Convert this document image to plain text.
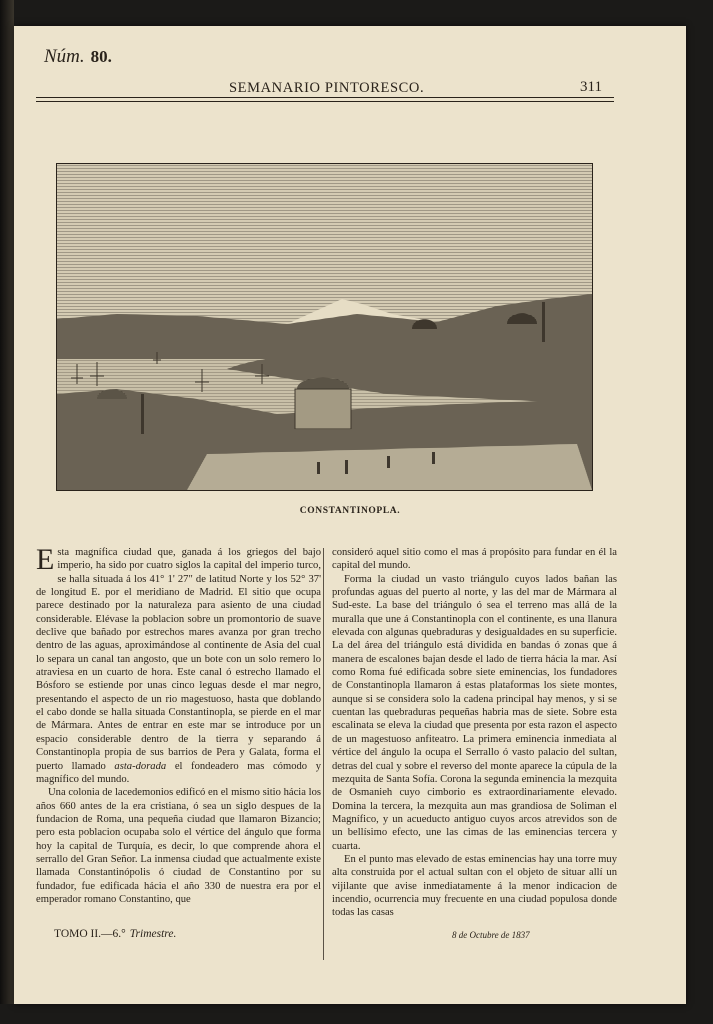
Núm. 80.
SEMANARIO PINTORESCO.	311
CONSTANTINOPLA.

Esta magnífica ciudad que, ganada á los griegos del bajo imperio, ha sido por cuatro siglos la capital del imperio turco, se halla situada á los 41° 1' 27" de latitud Norte y los 52° 37' de longitud E. por el meridiano de Madrid. El sitio que ocupa parece destinado por la naturaleza para asiento de una ciudad considerable. Elévase la poblacion sobre un promontorio de suave declive que bañado por estrechos mares avanza por gran trecho dentro de las aguas, aproximándose al continente de Asia del cual lo separa un canal tan angosto, que un bote con un solo remero lo atraviesa en un cuarto de hora. Este canal ó estrecho llamado el Bósforo se estiende por unas cinco leguas desde el mar negro, presentando el aspecto de un rio magestuoso, hasta que doblando el cabo donde se halla situada Constantinopla, se pierde en el mar de Mármara. Antes de entrar en este mar se introduce por un espacio considerable dentro de la tierra y separando á Constantinopla propia de sus barrios de Pera y Galata, forma el puerto llamado asta-dorada el fondeadero mas cómodo y magnífico del mundo.

Una colonia de lacedemonios edificó en el mismo sitio hácia los años 660 antes de la era cristiana, ó sea un siglo despues de la fundacion de Roma, una pequeña ciudad que llamaron Bizancio; pero esta poblacion ocupaba solo el vértice del ángulo que forma hoy la capital de Turquía, es decir, lo que comprende ahora el serrallo del Gran Señor. La inmensa ciudad que actualmente existe llamada Constantinópolis ó ciudad de Constantino por su fundador, fue edificada hácia el año 330 de nuestra era por el emperador romano Constantino, que

consideró aquel sitio como el mas á propósito para fundar en él la capital del mundo.

Forma la ciudad un vasto triángulo cuyos lados bañan las profundas aguas del puerto al norte, y las del mar de Mármara al Sud-este. La base del triángulo ó sea el terreno mas allá de la muralla que une á Constantinopla con el continente, es una llanura elevada con algunas quebraduras y desigualdades en su superficie. La del área del triángulo está dividida en bandas ó zonas que á manera de escalones bajan desde el lado de tierra hácia la mar. Así como Roma fué edificada sobre siete eminencias, los fundadores de Constantinopla llamaron á estas plataformas los siete montes, aunque si se considera solo la cadena principal hay menos, y si se cuentan las quebraduras pequeñas habria mas de siete. Sobre esta escalinata se eleva la ciudad que presenta por esta razon el aspecto de un magestuoso anfiteatro. La primera eminencia inmediata al vértice del ángulo la ocupa el Serrallo ó vasto palacio del sultan, detras del cual y sobre el reverso del monte aparece la cúpula de la mezquita de Santa Sofía. Corona la segunda eminencia la mezquita de Osmanieh cuyo cimborio es extraordinariamente elevado. Domina la tercera, la mezquita aun mas grandiosa de Soliman el Magnífico, y un acueducto antiguo cuyos arcos atrevidos son de un bellísimo efecto, une las cimas de las eminencias tercera y cuarta.

En el punto mas elevado de estas eminencias hay una torre muy alta construida por el actual sultan con el objeto de situar allí un vijilante que avise inmediatamente á la menor indicacion de incendio, ocurrencia muy frecuente en una ciudad populosa donde todas las casas

TOMO II.—6.° Trimestre.	8 de Octubre de 1837
